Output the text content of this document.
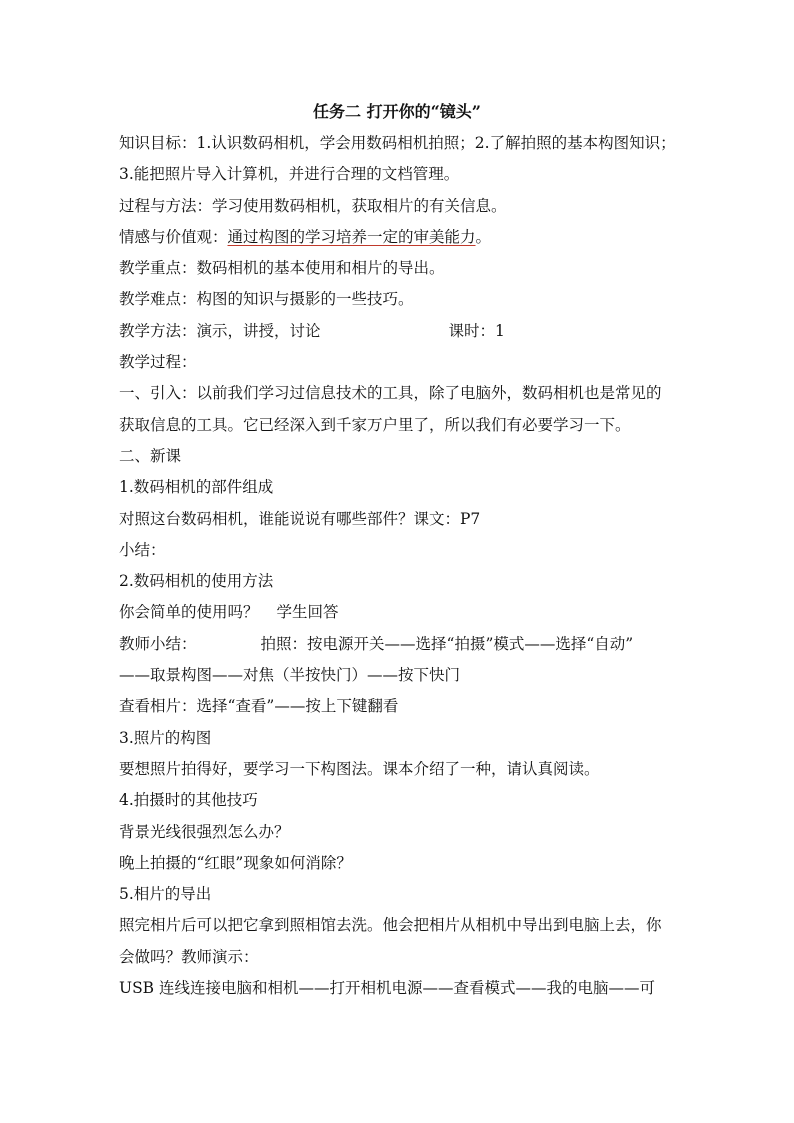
任务二 打开你的“镜头”

知识目标：1.认识数码相机，学会用数码相机拍照；2.了解拍照的基本构图知识；

3.能把照片导入计算机，并进行合理的文档管理。

过程与方法：学习使用数码相机，获取相片的有关信息。

情感与价值观：通过构图的学习培养一定的审美能力。

教学重点：数码相机的基本使用和相片的导出。

教学难点：构图的知识与摄影的一些技巧。

教学方法：演示，讲授，讨论	课时：1

教学过程：

一、引入：以前我们学习过信息技术的工具，除了电脑外，数码相机也是常见的

获取信息的工具。它已经深入到千家万户里了，所以我们有必要学习一下。

二、新课

1.数码相机的部件组成

对照这台数码相机，谁能说说有哪些部件？课文：P7

小结：

2.数码相机的使用方法

你会简单的使用吗？ 学生回答

教师小结：	拍照：按电源开关——选择“拍摄”模式——选择“自动”

——取景构图——对焦（半按快门）——按下快门

查看相片：选择“查看”——按上下键翻看

3.照片的构图

要想照片拍得好，要学习一下构图法。课本介绍了一种，请认真阅读。

4.拍摄时的其他技巧

背景光线很强烈怎么办？

晚上拍摄的“红眼”现象如何消除？

5.相片的导出

照完相片后可以把它拿到照相馆去洗。他会把相片从相机中导出到电脑上去，你

会做吗？教师演示：

USB 连线连接电脑和相机——打开相机电源——查看模式——我的电脑——可
